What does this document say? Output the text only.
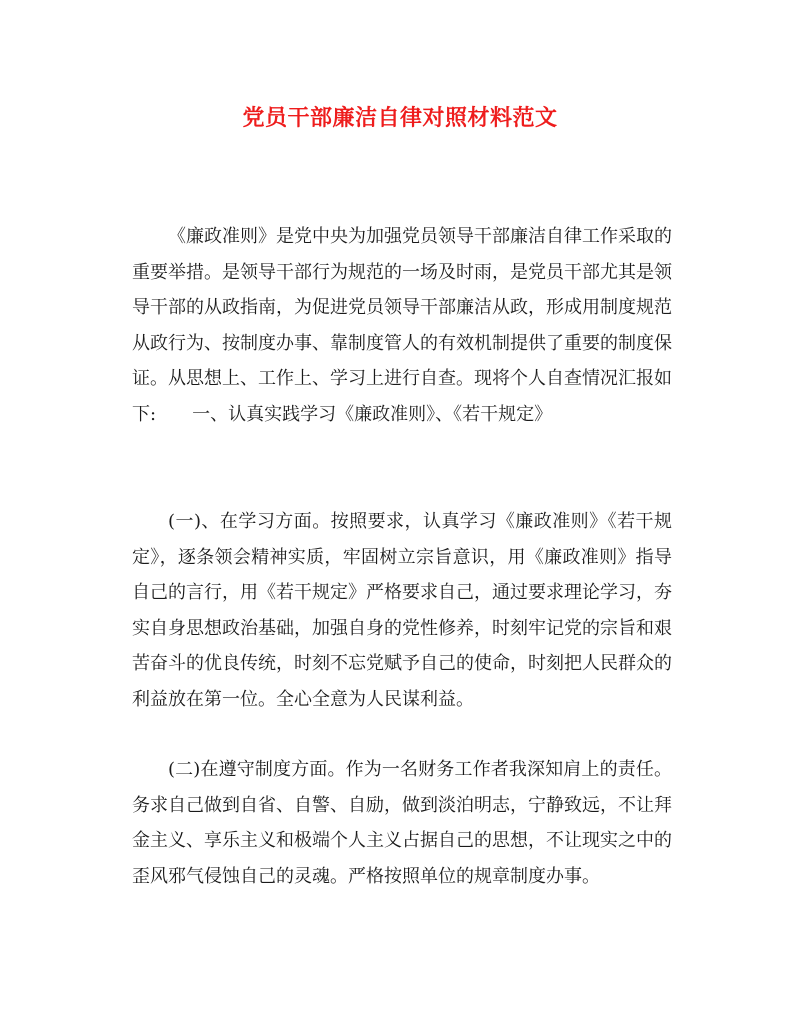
党员干部廉洁自律对照材料范文

《廉政准则》是党中央为加强党员领导干部廉洁自律工作采取的重要举措。是领导干部行为规范的一场及时雨，是党员干部尤其是领导干部的从政指南，为促进党员领导干部廉洁从政，形成用制度规范从政行为、按制度办事、靠制度管人的有效机制提供了重要的制度保证。从思想上、工作上、学习上进行自查。现将个人自查情况汇报如下: 一、认真实践学习《廉政准则》、《若干规定》

(一)、在学习方面。按照要求，认真学习《廉政准则》《若干规定》，逐条领会精神实质，牢固树立宗旨意识，用《廉政准则》指导自己的言行，用《若干规定》严格要求自己，通过要求理论学习，夯实自身思想政治基础，加强自身的党性修养，时刻牢记党的宗旨和艰苦奋斗的优良传统，时刻不忘党赋予自己的使命，时刻把人民群众的利益放在第一位。全心全意为人民谋利益。

(二)在遵守制度方面。作为一名财务工作者我深知肩上的责任。务求自己做到自省、自警、自励，做到淡泊明志，宁静致远，不让拜金主义、享乐主义和极端个人主义占据自己的思想，不让现实之中的歪风邪气侵蚀自己的灵魂。严格按照单位的规章制度办事。
